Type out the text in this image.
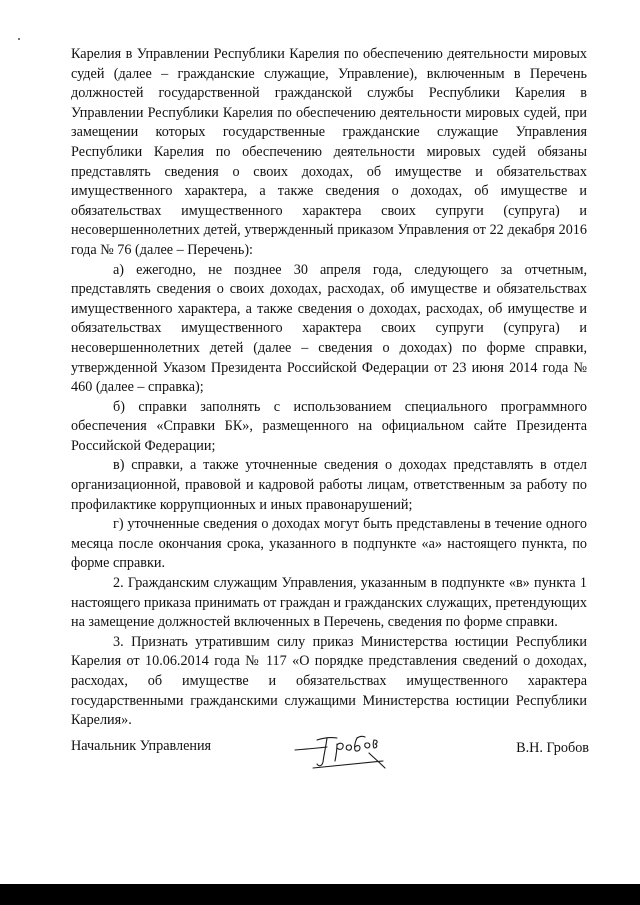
Карелия в Управлении Республики Карелия по обеспечению деятельности мировых судей (далее – гражданские служащие, Управление), включенным в Перечень должностей государственной гражданской службы Республики Карелия в Управлении Республики Карелия по обеспечению деятельности мировых судей, при замещении которых государственные гражданские служащие Управления Республики Карелия по обеспечению деятельности мировых судей обязаны представлять сведения о своих доходах, об имуществе и обязательствах имущественного характера, а также сведения о доходах, об имуществе и обязательствах имущественного характера своих супруги (супруга) и несовершеннолетних детей, утвержденный приказом Управления от 22 декабря 2016 года № 76 (далее – Перечень):

а) ежегодно, не позднее 30 апреля года, следующего за отчетным, представлять сведения о своих доходах, расходах, об имуществе и обязательствах имущественного характера, а также сведения о доходах, расходах, об имуществе и обязательствах имущественного характера своих супруги (супруга) и несовершеннолетних детей (далее – сведения о доходах) по форме справки, утвержденной Указом Президента Российской Федерации от 23 июня 2014 года № 460 (далее – справка);

б) справки заполнять с использованием специального программного обеспечения «Справки БК», размещенного на официальном сайте Президента Российской Федерации;

в) справки, а также уточненные сведения о доходах представлять в отдел организационной, правовой и кадровой работы лицам, ответственным за работу по профилактике коррупционных и иных правонарушений;

г) уточненные сведения о доходах могут быть представлены в течение одного месяца после окончания срока, указанного в подпункте «а» настоящего пункта, по форме справки.

2. Гражданским служащим Управления, указанным в подпункте «в» пункта 1 настоящего приказа принимать от граждан и гражданских служащих, претендующих на замещение должностей включенных в Перечень, сведения по форме справки.

3. Признать утратившим силу приказ Министерства юстиции Республики Карелия от 10.06.2014 года № 117 «О порядке представления сведений о доходах, расходах, об имуществе и обязательствах имущественного характера государственными гражданскими служащими Министерства юстиции Республики Карелия».

Начальник Управления	В.Н. Гробов
